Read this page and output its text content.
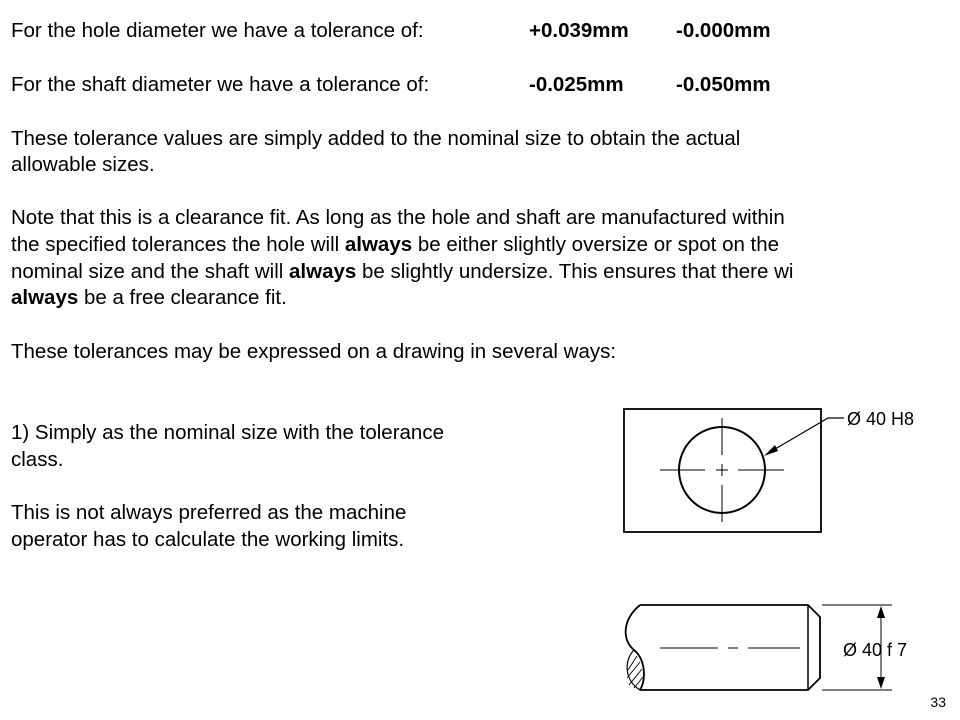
For the hole diameter we have a tolerance of:	+0.039mm -0.000mm
For the shaft diameter we have a tolerance of:	-0.025mm	-0.050mm
These tolerance values are simply added to the nominal size to obtain the actual
allowable sizes.
Note that this is a clearance fit. As long as the hole and shaft are manufactured within
the specified tolerances the hole will always be either slightly oversize or spot on the
nominal size and the shaft will always be slightly undersize. This ensures that there wi
always be a free clearance fit.
These tolerances may be expressed on a drawing in several ways:
1) Simply as the nominal size with the tolerance
class.
This is not always preferred as the machine
operator has to calculate the working limits.
Ø 40 H8
Ø 40 f 7
33
